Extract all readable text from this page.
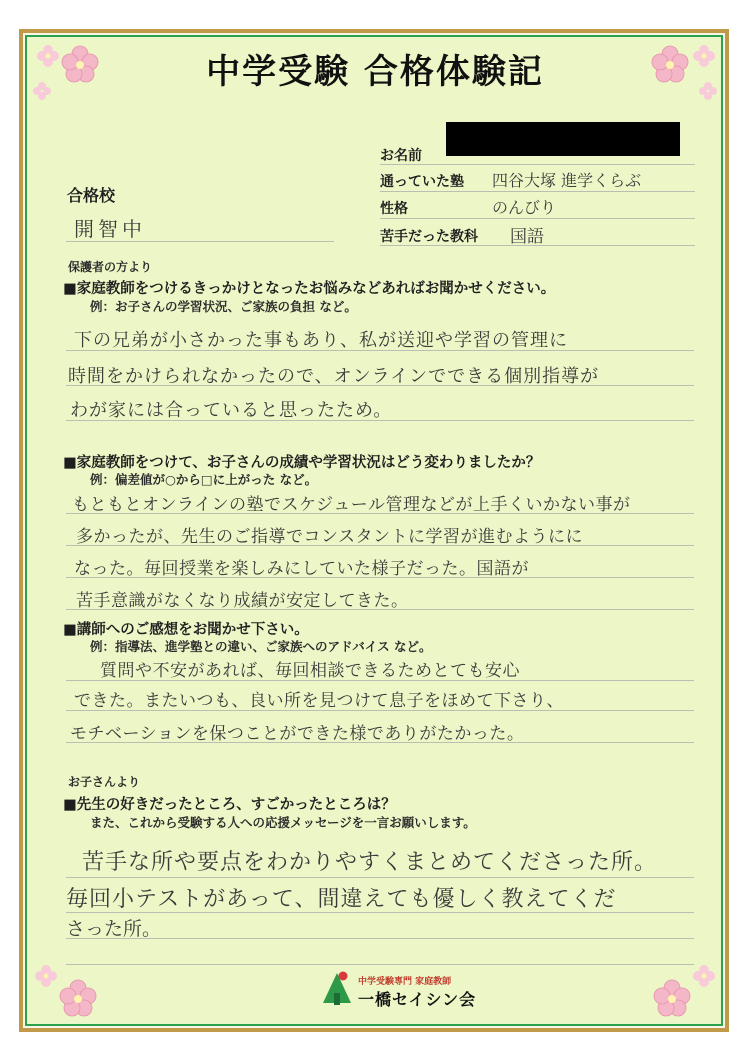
中学受験 合格体験記
お名前
通っていた塾 四谷大塚 進学くらぶ
性格	のんびり
苦手だった教科 国語
合格校
開智中
保護者の方より
■家庭教師をつけるきっかけとなったお悩みなどあればお聞かせください。
例：お子さんの学習状況、ご家族の負担 など。
下の兄弟が小さかった事もあり、私が送迎や学習の管理に
時間をかけられなかったので、オンラインでできる個別指導が
わが家には合っていると思ったため。
■家庭教師をつけて、お子さんの成績や学習状況はどう変わりましたか？
例：偏差値が○から□に上がった など。
もともとオンラインの塾でスケジュール管理などが上手くいかない事が
多かったが、先生のご指導でコンスタントに学習が進むようにに
なった。毎回授業を楽しみにしていた様子だった。国語が
苦手意識がなくなり成績が安定してきた。
■講師へのご感想をお聞かせ下さい。
例：指導法、進学塾との違い、ご家族へのアドバイス など。
質問や不安があれば、毎回相談できるためとても安心
できた。またいつも、良い所を見つけて息子をほめて下さり、
モチベーションを保つことができた様でありがたかった。
お子さんより
■先生の好きだったところ、すごかったところは？
また、これから受験する人への応援メッセージを一言お願いします。
苦手な所や要点をわかりやすくまとめてくださった所。
毎回小テストがあって、間違えても優しく教えてくだ
さった所。
中学受験専門 家庭教師
一橋セイシン会
